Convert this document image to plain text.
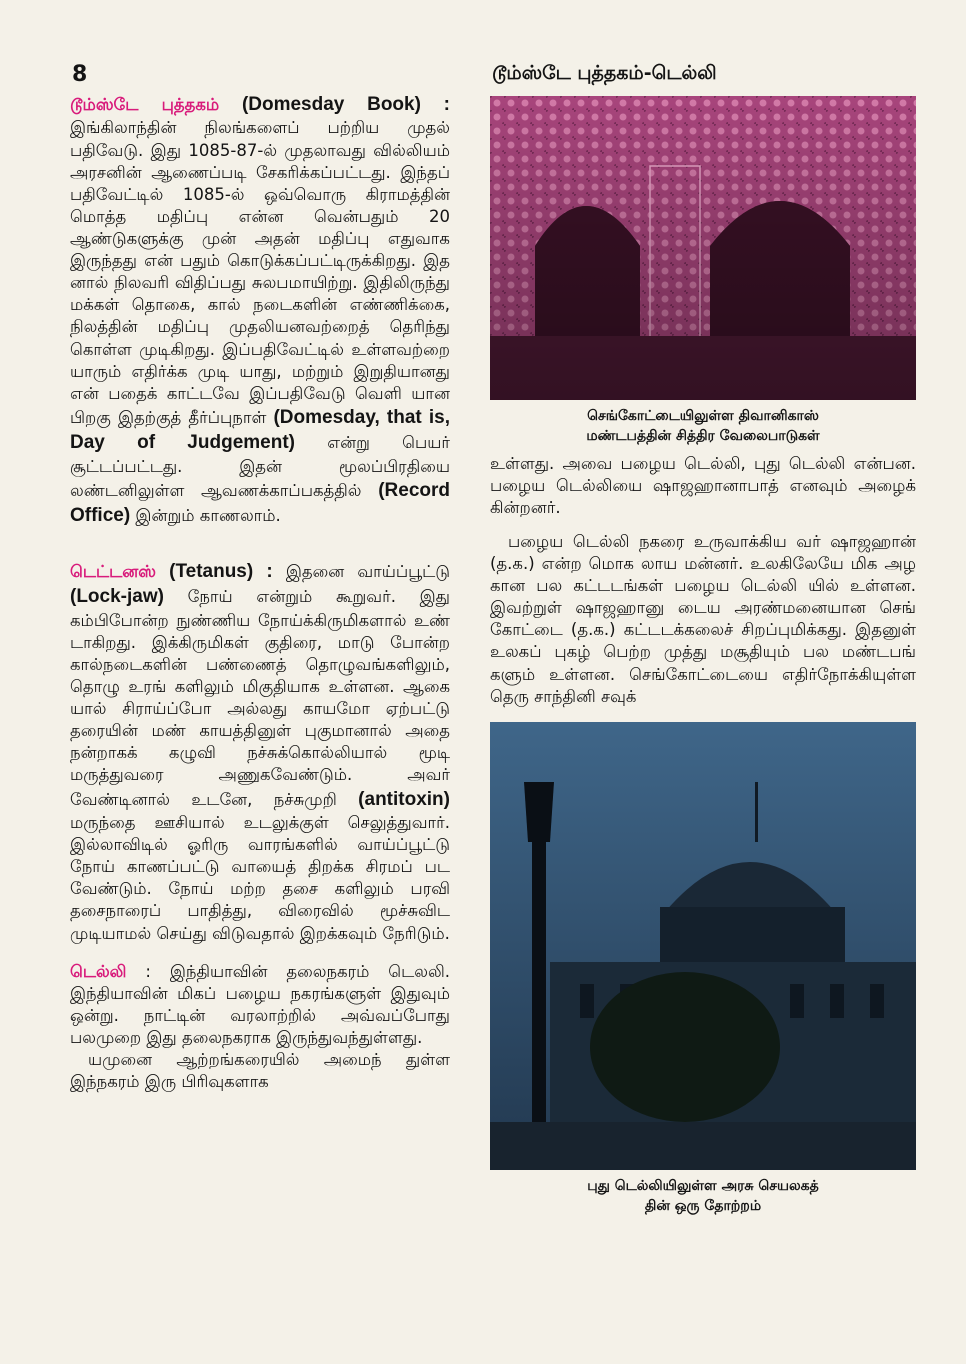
8	டூம்ஸ்டே புத்தகம்-டெல்லி

டூம்ஸ்டே புத்தகம் (Domesday Book) : இங்கிலாந்தின் நிலங்களைப் பற்றிய முதல் பதிவேடு. இது 1085-87-ல் முதலாவது வில்லியம் அரசனின் ஆணைப்படி சேகரிக்கப்பட்டது. இந்தப் பதிவேட்டில் 1085-ல் ஒவ்வொரு கிராமத்தின் மொத்த மதிப்பு என்ன வென்பதும் 20 ஆண்டுகளுக்கு முன் அதன் மதிப்பு எதுவாக இருந்தது என் பதும் கொடுக்கப்பட்டிருக்கிறது. இத னால் நிலவரி விதிப்பது சுலபமாயிற்று. இதிலிருந்து மக்கள் தொகை, கால் நடைகளின் எண்ணிக்கை, நிலத்தின் மதிப்பு முதலியனவற்றைத் தெரிந்து கொள்ள முடிகிறது. இப்பதிவேட்டில் உள்ளவற்றை யாரும் எதிர்க்க முடி யாது, மற்றும் இறுதியானது என் பதைக் காட்டவே இப்பதிவேடு வெளி யான பிறகு இதற்குத் தீர்ப்புநாள் (Domesday, that is, Day of Judgement) என்று பெயர் சூட்டப்பட்டது. இதன் மூலப்பிரதியை லண்டனிலுள்ள ஆவணக்காப்பகத்தில் (Record Office) இன்றும் காணலாம்.

டெட்டனஸ் (Tetanus) : இதனை வாய்ப்பூட்டு (Lock-jaw) நோய் என்றும் கூறுவர். இது கம்பிபோன்ற நுண்ணிய நோய்க்கிருமிகளால் உண் டாகிறது. இக்கிருமிகள் குதிரை, மாடு போன்ற கால்நடைகளின் பண்ணைத் தொழுவங்களிலும், தொழு உரங் களிலும் மிகுதியாக உள்ளன. ஆகை யால் சிராய்ப்போ அல்லது காயமோ ஏற்பட்டு தரையின் மண் காயத்தினுள் புகுமானால் அதை நன்றாகக் கழுவி நச்சுக்கொல்லியால் மூடி மருத்துவரை அணுகவேண்டும். அவர் வேண்டினால் உடனே, நச்சுமுறி (antitoxin) மருந்தை ஊசியால் உடலுக்குள் செலுத்துவார். இல்லாவிடில் ஓரிரு வாரங்களில் வாய்ப்பூட்டு நோய் காணப்பட்டு வாயைத் திறக்க சிரமப் பட வேண்டும். நோய் மற்ற தசை களிலும் பரவி தசைநாரைப் பாதித்து, விரைவில் மூச்சுவிட முடியாமல் செய்து விடுவதால் இறக்கவும் நேரிடும்.

டெல்லி : இந்தியாவின் தலைநகரம் டெலலி. இந்தியாவின் மிகப் பழைய நகரங்களுள் இதுவும் ஒன்று. நாட்டின் வரலாற்றில் அவ்வப்போது பலமுறை இது தலைநகராக இருந்துவந்துள்ளது.

யமுனை ஆற்றங்கரையில் அமைந் துள்ள இந்நகரம் இரு பிரிவுகளாக

செங்கோட்டையிலுள்ள திவானிகாஸ்
மண்டபத்தின் சித்திர வேலைபாடுகள்

உள்ளது. அவை பழைய டெல்லி, புது டெல்லி என்பன. பழைய டெல்லியை ஷாஜஹானாபாத் எனவும் அழைக் கின்றனர்.

பழைய டெல்லி நகரை உருவாக்கிய வர் ஷாஜஹான் (த.க.) என்ற மொக லாய மன்னர். உலகிலேயே மிக அழ கான பல கட்டடங்கள் பழைய டெல்லி யில் உள்ளன. இவற்றுள் ஷாஜஹானு டைய அரண்மனையான செங் கோட்டை (த.க.) கட்டடக்கலைச் சிறப்புமிக்கது. இதனுள் உலகப் புகழ் பெற்ற முத்து மசூதியும் பல மண்டபங் களும் உள்ளன. செங்கோட்டையை எதிர்நோக்கியுள்ள தெரு சாந்தினி சவுக்

புது டெல்லியிலுள்ள அரசு செயலகத்
தின் ஒரு தோற்றம்
